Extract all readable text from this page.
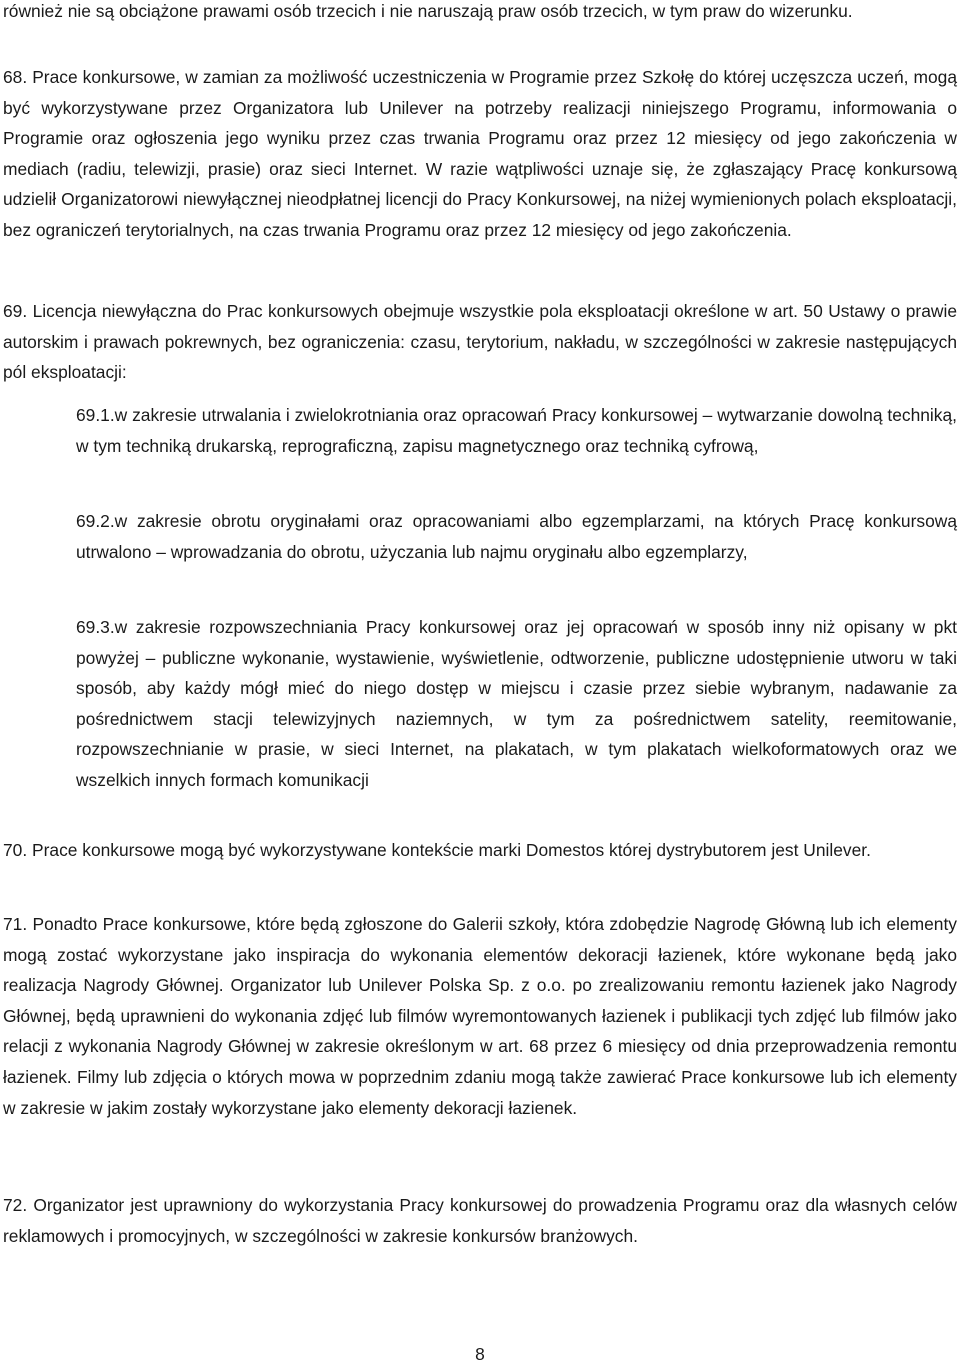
również nie są obciążone prawami osób trzecich i nie naruszają praw osób trzecich, w tym praw do wizerunku.

68. Prace konkursowe, w zamian za możliwość uczestniczenia w Programie przez Szkołę do której uczęszcza uczeń, mogą być wykorzystywane przez Organizatora lub Unilever na potrzeby realizacji niniejszego Programu, informowania o Programie oraz ogłoszenia jego wyniku przez czas trwania Programu oraz przez 12 miesięcy od jego zakończenia w mediach (radiu, telewizji, prasie) oraz sieci Internet. W razie wątpliwości uznaje się, że zgłaszający Pracę konkursową udzielił Organizatorowi niewyłącznej nieodpłatnej licencji do Pracy Konkursowej, na niżej wymienionych polach eksploatacji, bez ograniczeń terytorialnych, na czas trwania Programu oraz przez 12 miesięcy od jego zakończenia.

69. Licencja niewyłączna do Prac konkursowych obejmuje wszystkie pola eksploatacji określone w art. 50 Ustawy o prawie autorskim i prawach pokrewnych, bez ograniczenia: czasu, terytorium, nakładu, w szczególności w zakresie następujących pól eksploatacji:

69.1.w zakresie utrwalania i zwielokrotniania oraz opracowań Pracy konkursowej – wytwarzanie dowolną techniką, w tym techniką drukarską, reprograficzną, zapisu magnetycznego oraz techniką cyfrową,

69.2.w zakresie obrotu oryginałami oraz opracowaniami albo egzemplarzami, na których Pracę konkursową utrwalono – wprowadzania do obrotu, użyczania lub najmu oryginału albo egzemplarzy,

69.3.w zakresie rozpowszechniania Pracy konkursowej oraz jej opracowań w sposób inny niż opisany w pkt powyżej – publiczne wykonanie, wystawienie, wyświetlenie, odtworzenie, publiczne udostępnienie utworu w taki sposób, aby każdy mógł mieć do niego dostęp w miejscu i czasie przez siebie wybranym, nadawanie za pośrednictwem stacji telewizyjnych naziemnych, w tym za pośrednictwem satelity, reemitowanie, rozpowszechnianie w prasie, w sieci Internet, na plakatach, w tym plakatach wielkoformatowych oraz we wszelkich innych formach komunikacji

70. Prace konkursowe mogą być wykorzystywane kontekście marki Domestos której dystrybutorem jest Unilever.

71. Ponadto Prace konkursowe, które będą zgłoszone do Galerii szkoły, która zdobędzie Nagrodę Główną lub ich elementy mogą zostać wykorzystane jako inspiracja do wykonania elementów dekoracji łazienek, które wykonane będą jako realizacja Nagrody Głównej. Organizator lub Unilever Polska Sp. z o.o. po zrealizowaniu remontu łazienek jako Nagrody Głównej, będą uprawnieni do wykonania zdjęć lub filmów wyremontowanych łazienek i publikacji tych zdjęć lub filmów jako relacji z wykonania Nagrody Głównej w zakresie określonym w art. 68 przez 6 miesięcy od dnia przeprowadzenia remontu łazienek. Filmy lub zdjęcia o których mowa w poprzednim zdaniu mogą także zawierać Prace konkursowe lub ich elementy w zakresie w jakim zostały wykorzystane jako elementy dekoracji łazienek.

72. Organizator jest uprawniony do wykorzystania Pracy konkursowej do prowadzenia Programu oraz dla własnych celów reklamowych i promocyjnych, w szczególności w zakresie konkursów branżowych.

8
